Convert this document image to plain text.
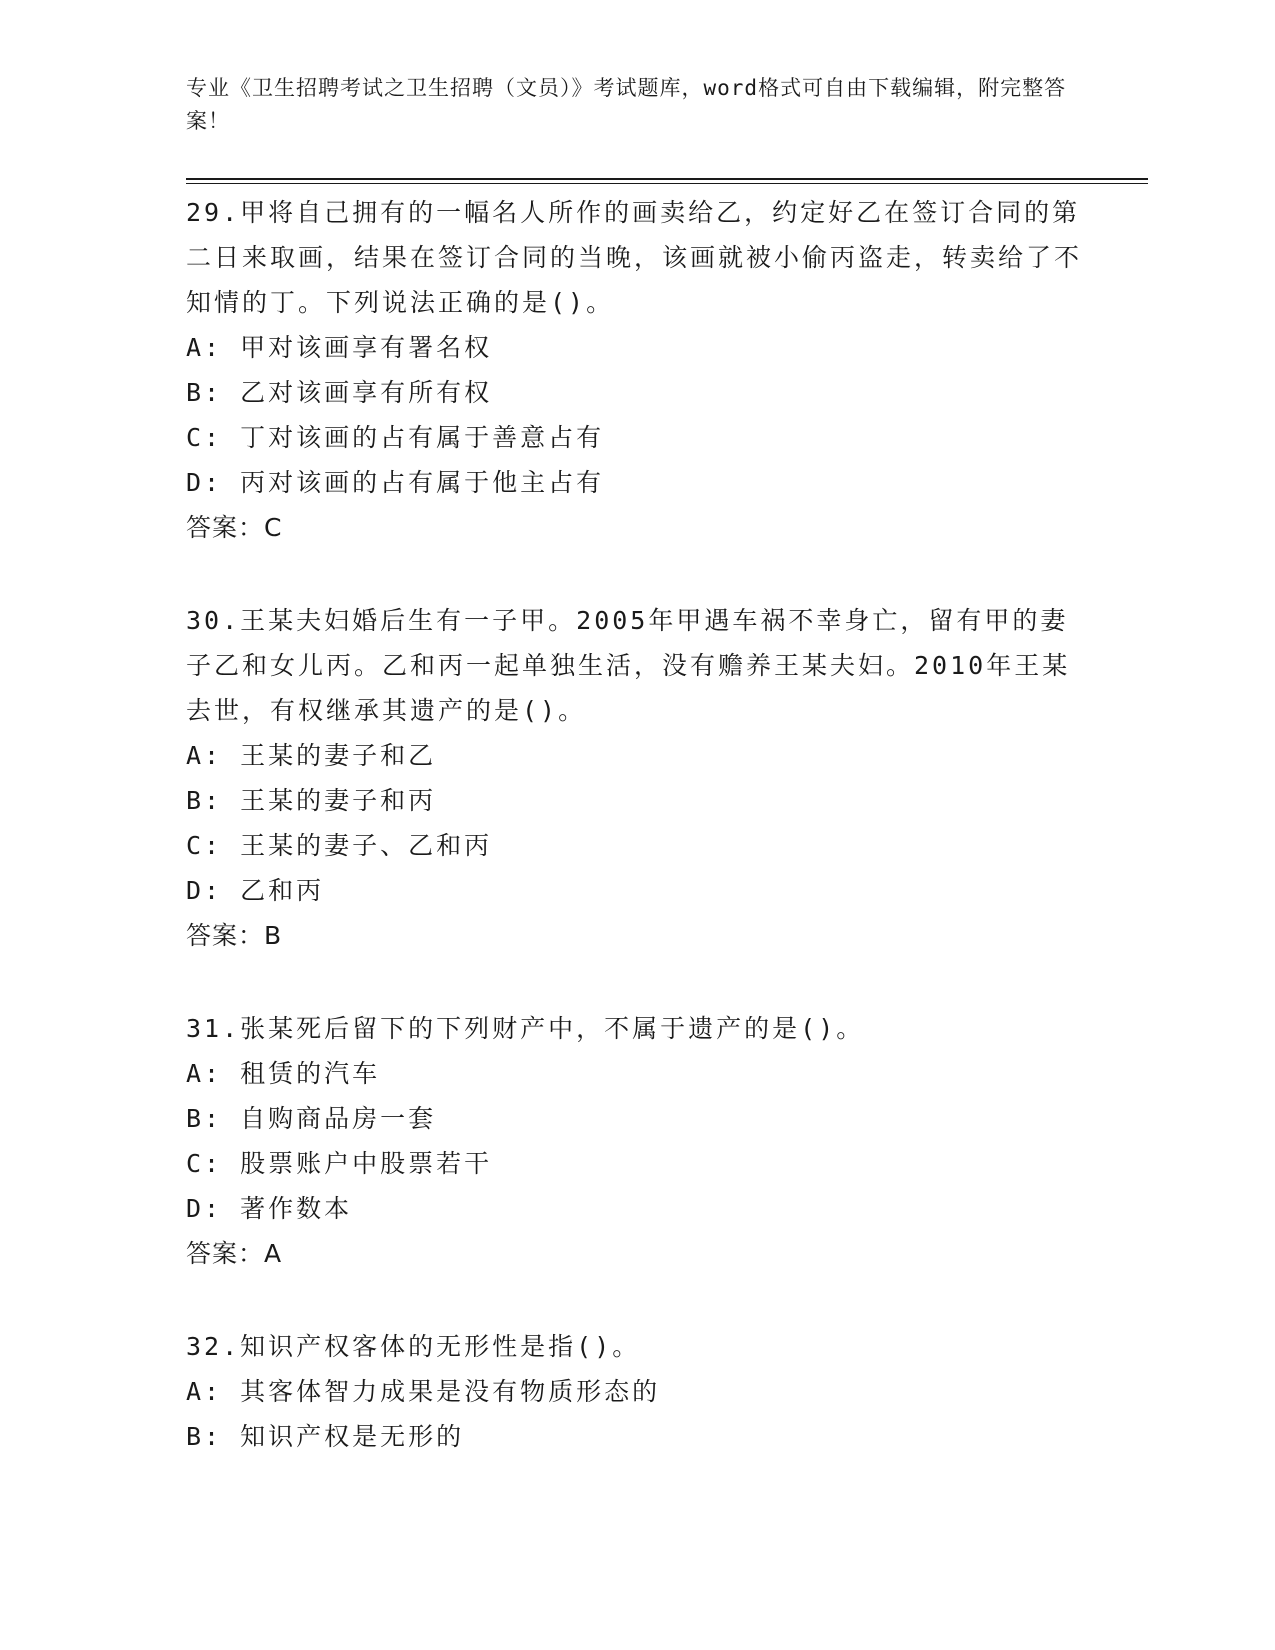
专业《卫生招聘考试之卫生招聘（文员）》考试题库，word格式可自由下载编辑，附完整答案！
29.甲将自己拥有的一幅名人所作的画卖给乙，约定好乙在签订合同的第二日来取画，结果在签订合同的当晚，该画就被小偷丙盗走，转卖给了不知情的丁。下列说法正确的是()。
A: 甲对该画享有署名权
B: 乙对该画享有所有权
C: 丁对该画的占有属于善意占有
D: 丙对该画的占有属于他主占有
答案：C
30.王某夫妇婚后生有一子甲。2005年甲遇车祸不幸身亡，留有甲的妻子乙和女儿丙。乙和丙一起单独生活，没有赡养王某夫妇。2010年王某去世，有权继承其遗产的是()。
A: 王某的妻子和乙
B: 王某的妻子和丙
C: 王某的妻子、乙和丙
D: 乙和丙
答案：B
31.张某死后留下的下列财产中，不属于遗产的是()。
A: 租赁的汽车
B: 自购商品房一套
C: 股票账户中股票若干
D: 著作数本
答案：A
32.知识产权客体的无形性是指()。
A: 其客体智力成果是没有物质形态的
B: 知识产权是无形的
